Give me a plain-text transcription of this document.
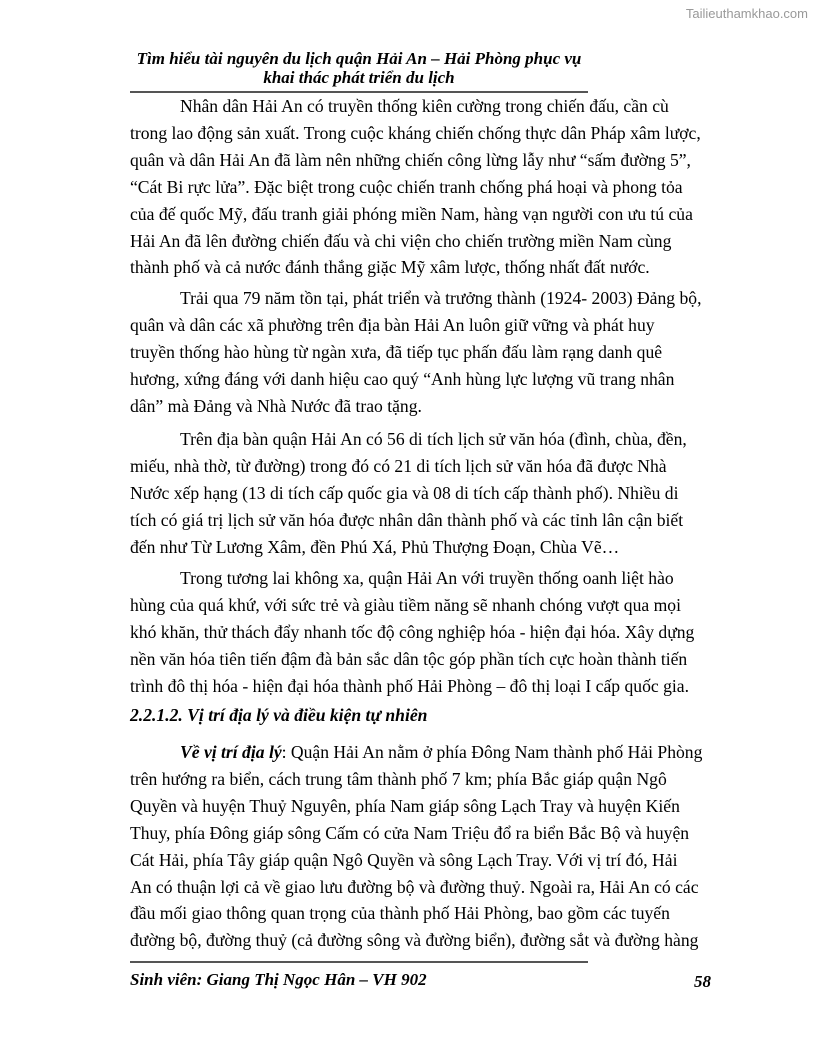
Tailieuthamkhao.com
Tìm hiểu tài nguyên du lịch quận Hải An – Hải Phòng phục vụ
khai thác phát triển du lịch
Nhân dân Hải An có truyền thống kiên cường trong chiến đấu, cần cù
trong lao động sản xuất. Trong cuộc kháng chiến chống thực dân Pháp xâm lược,
quân và dân Hải An đã làm nên những chiến công lừng lẫy như “sấm đường 5”,
“Cát Bi rực lửa”. Đặc biệt trong cuộc chiến tranh chống phá hoại và phong tỏa
của đế quốc Mỹ, đấu tranh giải phóng miền Nam, hàng vạn người con ưu tú của
Hải An đã lên đường chiến đấu và chi viện cho chiến trường miền Nam cùng
thành phố và cả nước đánh thắng giặc Mỹ xâm lược, thống nhất đất nước.
Trải qua 79 năm tồn tại, phát triển và trưởng thành (1924- 2003) Đảng bộ,
quân và dân các xã phường trên địa bàn Hải An luôn giữ vững và phát huy
truyền thống hào hùng từ ngàn xưa, đã tiếp tục phấn đấu làm rạng danh quê
hương, xứng đáng với danh hiệu cao quý “Anh hùng lực lượng vũ trang nhân
dân” mà Đảng và Nhà Nước đã trao tặng.
Trên địa bàn quận Hải An có 56 di tích lịch sử văn hóa (đình, chùa, đền,
miếu, nhà thờ, từ đường) trong đó có 21 di tích lịch sử văn hóa đã được Nhà
Nước xếp hạng (13 di tích cấp quốc gia và 08 di tích cấp thành phố). Nhiều di
tích có giá trị lịch sử văn hóa được nhân dân thành phố và các tỉnh lân cận biết
đến như Từ Lương Xâm, đền Phú Xá, Phủ Thượng Đoạn, Chùa Vẽ…
Trong tương lai không xa, quận Hải An với truyền thống oanh liệt hào
hùng của quá khứ, với sức trẻ và giàu tiềm năng sẽ nhanh chóng vượt qua mọi
khó khăn, thử thách đẩy nhanh tốc độ công nghiệp hóa - hiện đại hóa. Xây dựng
nền văn hóa tiên tiến đậm đà bản sắc dân tộc góp phần tích cực hoàn thành tiến
trình đô thị hóa - hiện đại hóa thành phố Hải Phòng – đô thị loại I cấp quốc gia.
2.2.1.2. Vị trí địa lý và điều kiện tự nhiên
Về vị trí địa lý: Quận Hải An nằm ở phía Đông Nam thành phố Hải Phòng
trên hướng ra biển, cách trung tâm thành phố 7 km; phía Bắc giáp quận Ngô
Quyền và huyện Thuỷ Nguyên, phía Nam giáp sông Lạch Tray và huyện Kiến
Thuy, phía Đông giáp sông Cấm có cửa Nam Triệu đổ ra biển Bắc Bộ và huyện
Cát Hải, phía Tây giáp quận Ngô Quyền và sông Lạch Tray. Với vị trí đó, Hải
An có thuận lợi cả về giao lưu đường bộ và đường thuỷ. Ngoài ra, Hải An có các
đầu mối giao thông quan trọng của thành phố Hải Phòng, bao gồm các tuyến
đường bộ, đường thuỷ (cả đường sông và đường biển), đường sắt và đường hàng
Sinh viên: Giang Thị Ngọc Hân – VH 902	58
